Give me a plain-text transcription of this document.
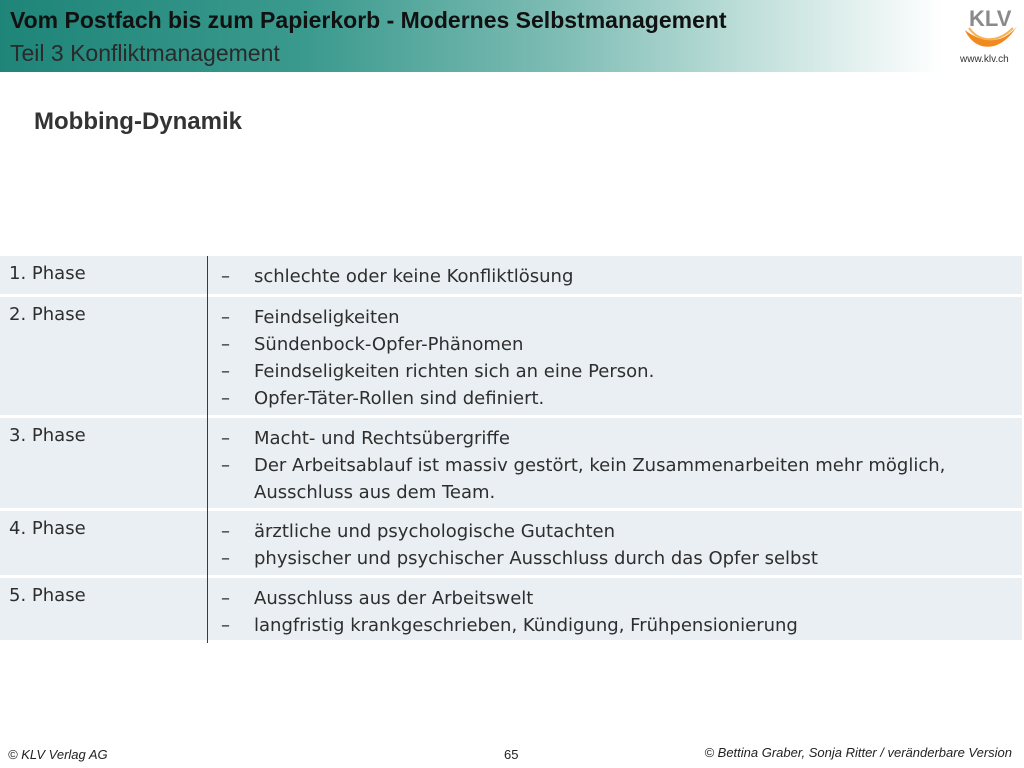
Vom Postfach bis zum Papierkorb - Modernes Selbstmanagement
Teil 3 Konfliktmanagement
KLV
www.klv.ch
Mobbing-Dynamik
1. Phase	– schlechte oder keine Konfliktlösung
2. Phase	– Feindseligkeiten
– Sündenbock-Opfer-Phänomen
– Feindseligkeiten richten sich an eine Person.
– Opfer-Täter-Rollen sind definiert.
3. Phase	– Macht- und Rechtsübergriffe
– Der Arbeitsablauf ist massiv gestört, kein Zusammenarbeiten mehr möglich,
Ausschluss aus dem Team.
4. Phase	– ärztliche und psychologische Gutachten
– physischer und psychischer Ausschluss durch das Opfer selbst
5. Phase	– Ausschluss aus der Arbeitswelt
– langfristig krankgeschrieben, Kündigung, Frühpensionierung
© KLV Verlag AG	65	© Bettina Graber, Sonja Ritter / veränderbare Version
